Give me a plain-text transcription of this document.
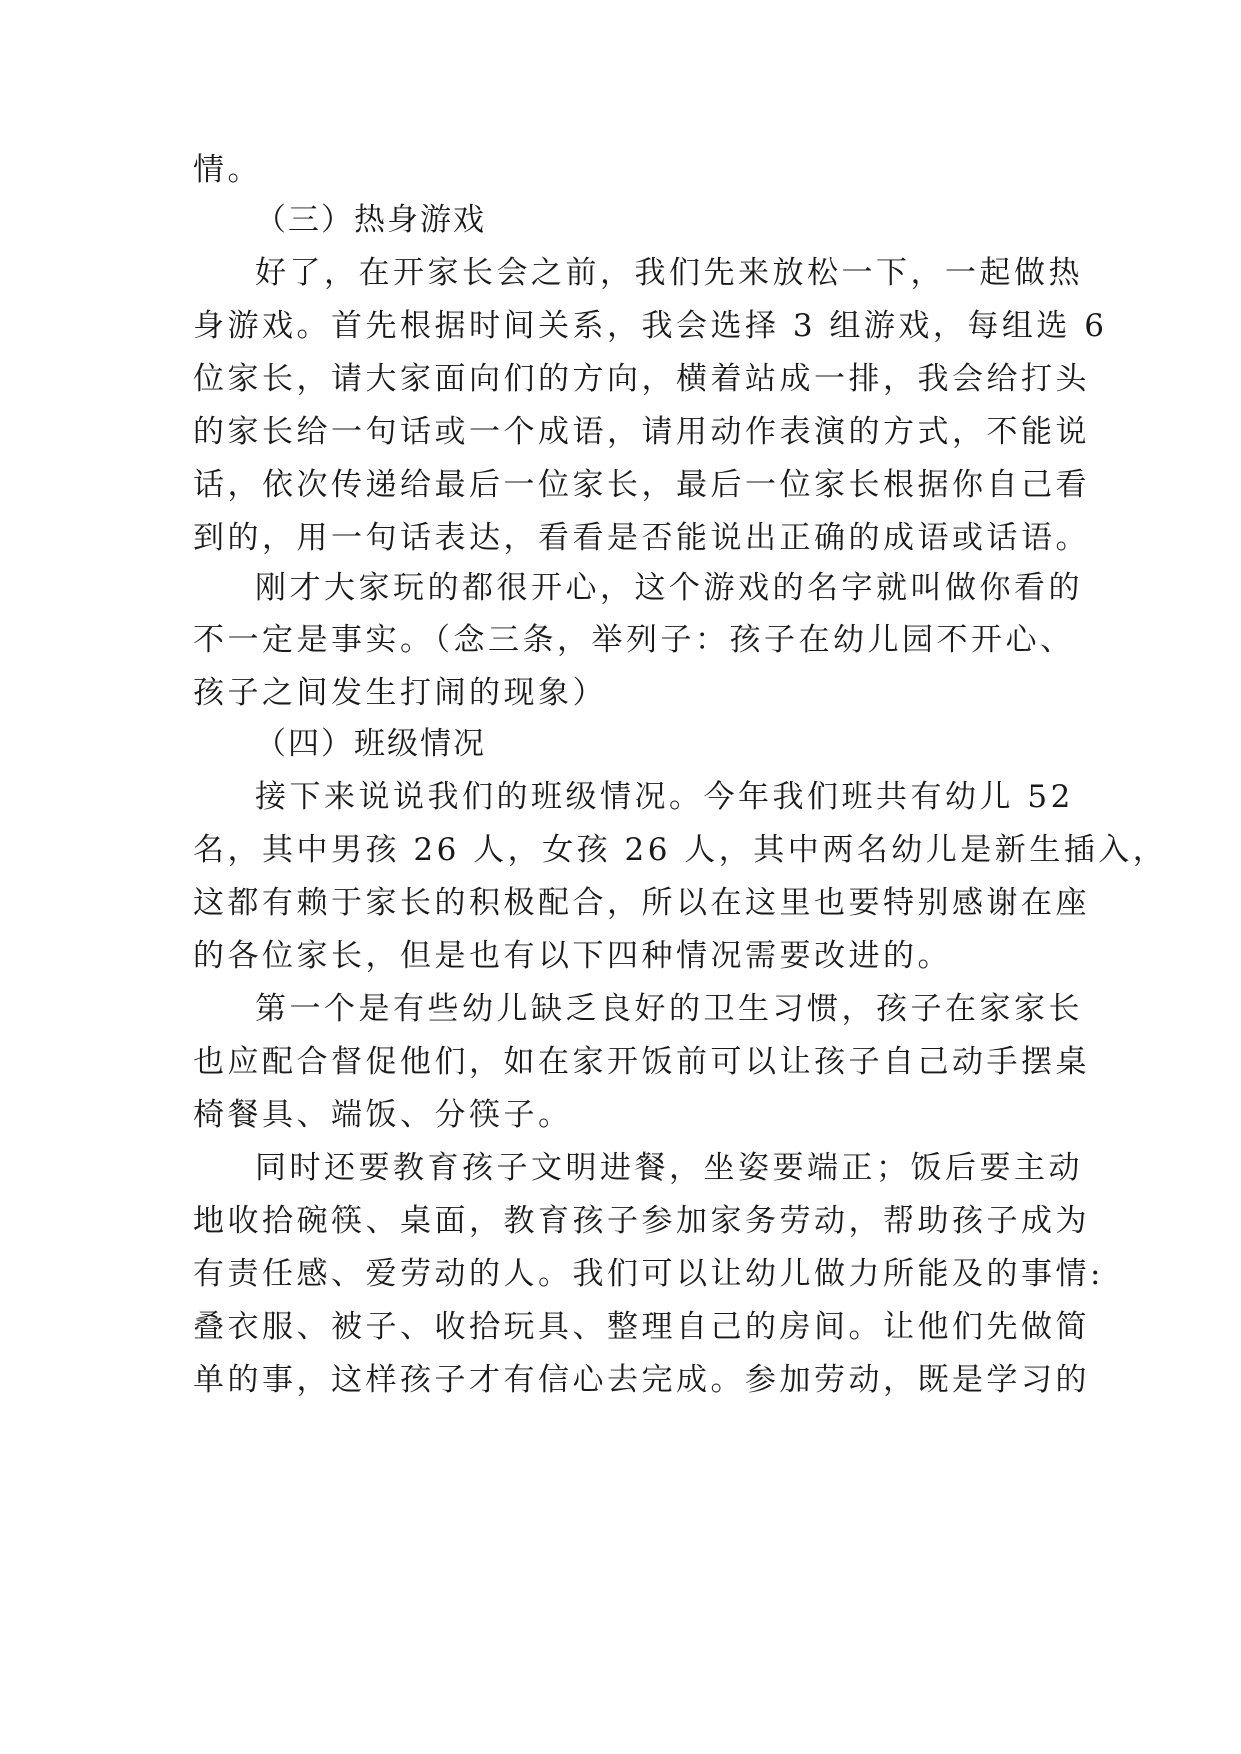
情。
（三）热身游戏
好了，在开家长会之前，我们先来放松一下，一起做热
身游戏。首先根据时间关系，我会选择 3 组游戏，每组选 6
位家长，请大家面向们的方向，横着站成一排，我会给打头
的家长给一句话或一个成语，请用动作表演的方式，不能说
话，依次传递给最后一位家长，最后一位家长根据你自己看
到的，用一句话表达，看看是否能说出正确的成语或话语。
刚才大家玩的都很开心，这个游戏的名字就叫做你看的
不一定是事实。（念三条，举列子：孩子在幼儿园不开心、
孩子之间发生打闹的现象）
（四）班级情况
接下来说说我们的班级情况。今年我们班共有幼儿 52
名，其中男孩 26 人，女孩 26 人，其中两名幼儿是新生插入，
这都有赖于家长的积极配合，所以在这里也要特别感谢在座
的各位家长，但是也有以下四种情况需要改进的。
第一个是有些幼儿缺乏良好的卫生习惯，孩子在家家长
也应配合督促他们，如在家开饭前可以让孩子自己动手摆桌
椅餐具、端饭、分筷子。
同时还要教育孩子文明进餐，坐姿要端正；饭后要主动
地收拾碗筷、桌面，教育孩子参加家务劳动，帮助孩子成为
有责任感、爱劳动的人。我们可以让幼儿做力所能及的事情:
叠衣服、被子、收拾玩具、整理自己的房间。让他们先做简
单的事，这样孩子才有信心去完成。参加劳动，既是学习的
